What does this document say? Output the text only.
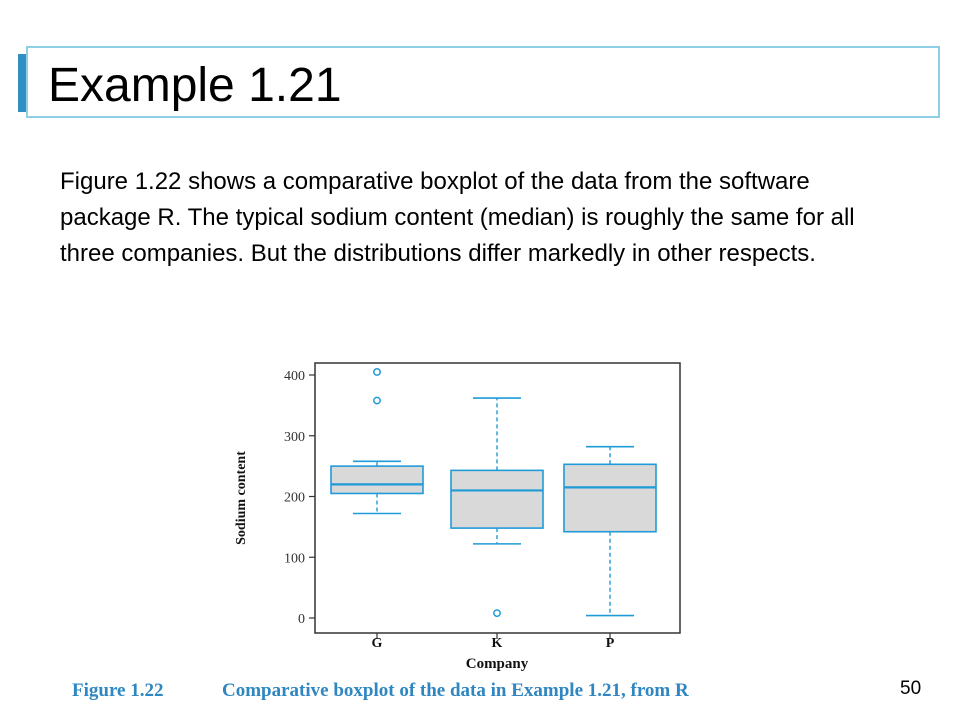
Example 1.21
Figure 1.22 shows a comparative boxplot of the data from the software package R. The typical sodium content (median) is roughly the same for all three companies. But the distributions differ markedly in other respects.
0
100
200
300
400
G	K	P
Sodium content
Company
Figure 1.22	Comparative boxplot of the data in Example 1.21, from R	50
